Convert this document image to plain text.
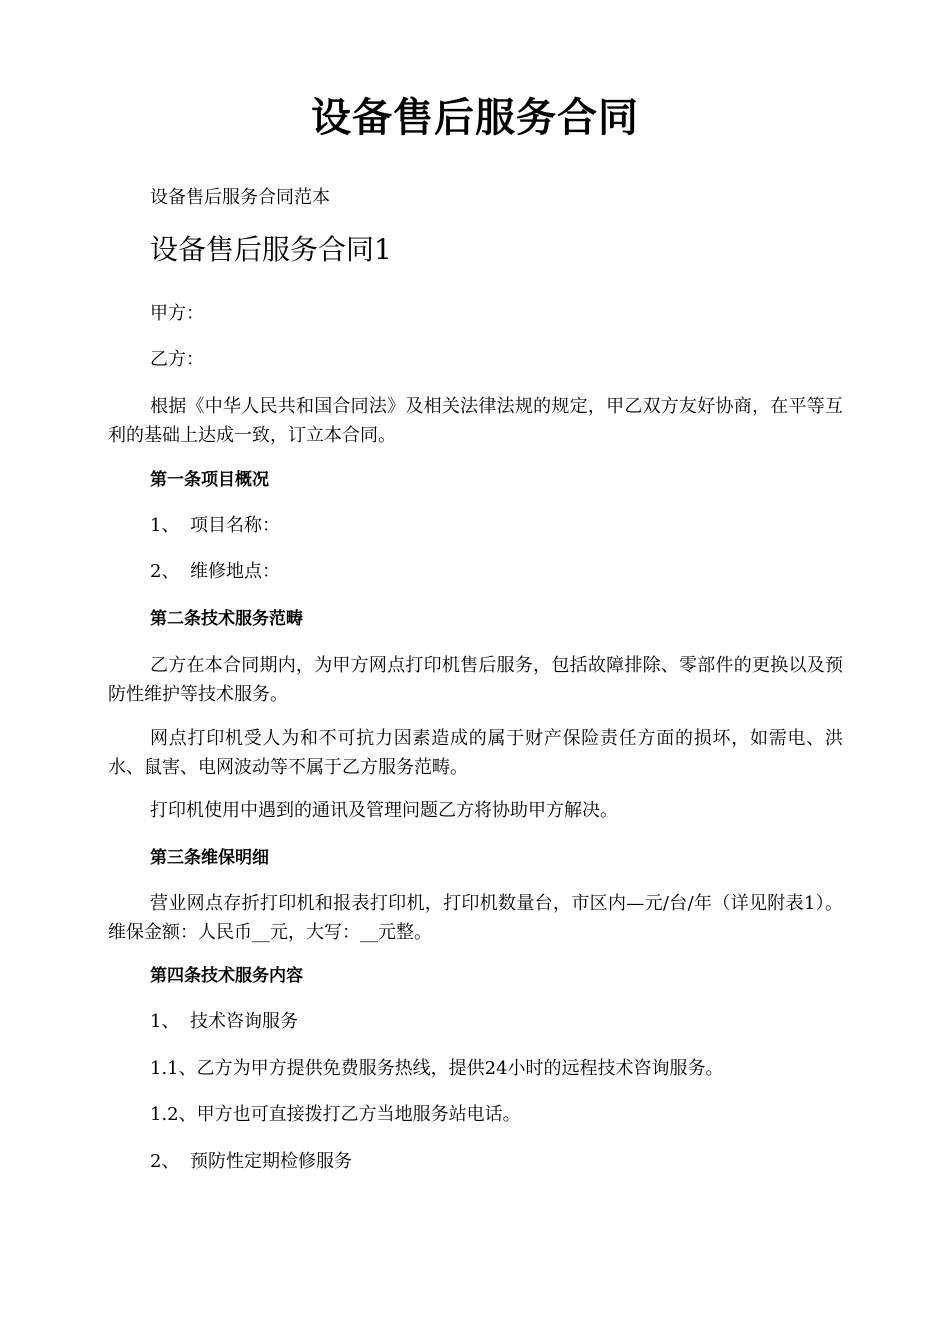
设备售后服务合同
设备售后服务合同范本
设备售后服务合同1
甲方：
乙方：
根据《中华人民共和国合同法》及相关法律法规的规定，甲乙双方友好协商，在平等互利的基础上达成一致，订立本合同。
第一条项目概况
1、 项目名称：
2、 维修地点：
第二条技术服务范畴
乙方在本合同期内，为甲方网点打印机售后服务，包括故障排除、零部件的更换以及预防性维护等技术服务。
网点打印机受人为和不可抗力因素造成的属于财产保险责任方面的损坏，如需电、洪水、鼠害、电网波动等不属于乙方服务范畴。
打印机使用中遇到的通讯及管理问题乙方将协助甲方解决。
第三条维保明细
营业网点存折打印机和报表打印机，打印机数量台，市区内—元/台/年（详见附表1）。维保金额：人民币__元，大写：__元整。
第四条技术服务内容
1、 技术咨询服务
1.1、乙方为甲方提供免费服务热线，提供24小时的远程技术咨询服务。
1.2、甲方也可直接拨打乙方当地服务站电话。
2、 预防性定期检修服务
